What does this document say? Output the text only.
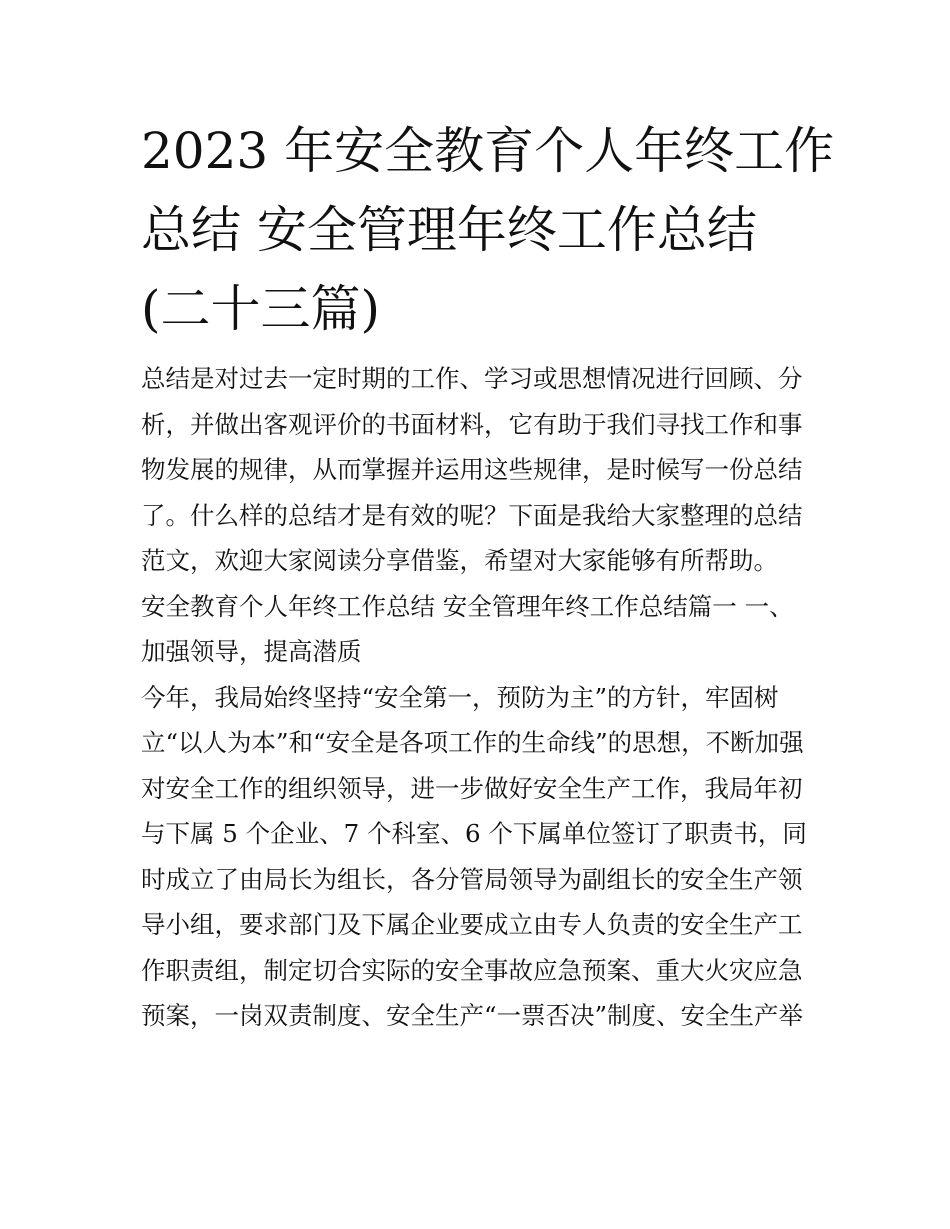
2023 年安全教育个人年终工作
总结 安全管理年终工作总结
(二十三篇)
总结是对过去一定时期的工作、学习或思想情况进行回顾、分
析，并做出客观评价的书面材料，它有助于我们寻找工作和事
物发展的规律，从而掌握并运用这些规律，是时候写一份总结
了。什么样的总结才是有效的呢？下面是我给大家整理的总结
范文，欢迎大家阅读分享借鉴，希望对大家能够有所帮助。
安全教育个人年终工作总结 安全管理年终工作总结篇一 一、
加强领导，提高潜质
今年，我局始终坚持“安全第一，预防为主”的方针，牢固树
立“以人为本”和“安全是各项工作的生命线”的思想，不断加强
对安全工作的组织领导，进一步做好安全生产工作，我局年初
与下属 5 个企业、7 个科室、6 个下属单位签订了职责书，同
时成立了由局长为组长，各分管局领导为副组长的安全生产领
导小组，要求部门及下属企业要成立由专人负责的安全生产工
作职责组，制定切合实际的安全事故应急预案、重大火灾应急
预案，一岗双责制度、安全生产“一票否决”制度、安全生产举
